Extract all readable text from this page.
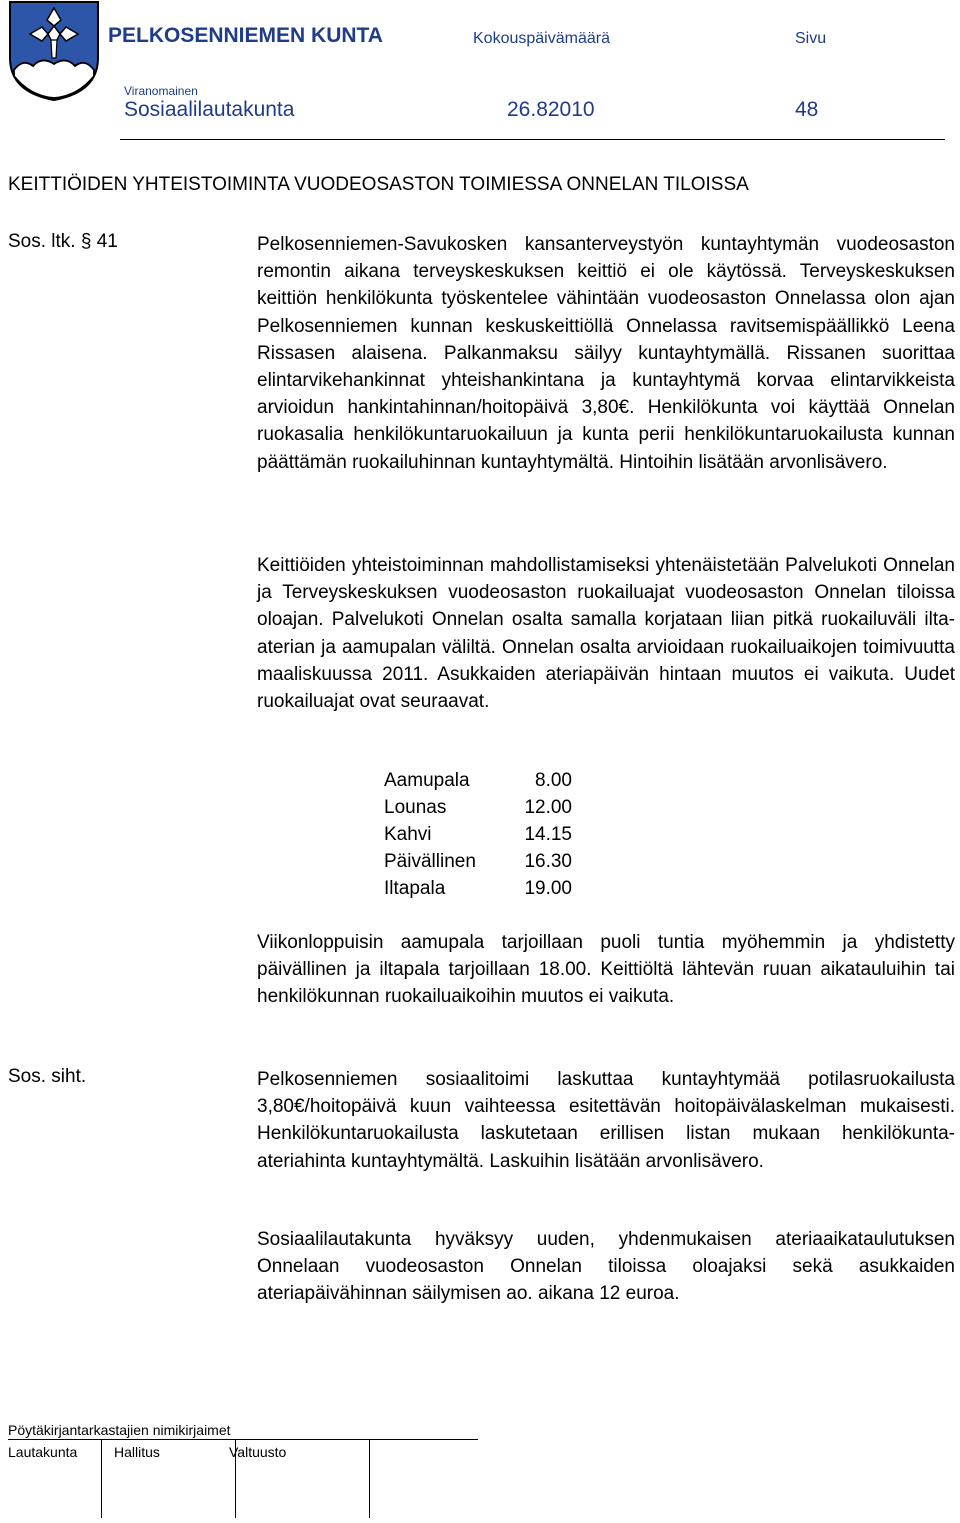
PELKOSENNIEMEN KUNTA	Kokouspäivämäärä	Sivu
Viranomainen
Sosiaalilautakunta	26.82010	48
KEITTIÖIDEN YHTEISTOIMINTA VUODEOSASTON TOIMIESSA ONNELAN TILOISSA
Sos. ltk. § 41	Pelkosenniemen-Savukosken kansanterveystyön kuntayhtymän vuodeosaston remontin aikana terveyskeskuksen keittiö ei ole käytössä. Terveyskeskuksen keittiön henkilökunta työskentelee vähintään vuodeosaston Onnelassa olon ajan Pelkosenniemen kunnan keskuskeittiöllä Onnelassa ravitsemispäällikkö Leena Rissasen alaisena. Palkanmaksu säilyy kuntayhtymällä. Rissanen suorittaa elintarvikehankinnat yhteishankintana ja kuntayhtymä korvaa elintarvikkeista arvioidun hankintahinnan/hoitopäivä 3,80€. Henkilökunta voi käyttää Onnelan ruokasalia henkilökuntaruokailuun ja kunta perii henkilökuntaruokailusta kunnan päättämän ruokailuhinnan kuntayhtymältä. Hintoihin lisätään arvonlisävero.
Keittiöiden yhteistoiminnan mahdollistamiseksi yhtenäistetään Palvelukoti Onnelan ja Terveyskeskuksen vuodeosaston ruokailuajat vuodeosaston Onnelan tiloissa oloajan. Palvelukoti Onnelan osalta samalla korjataan liian pitkä ruokailuväli ilta-aterian ja aamupalan väliltä. Onnelan osalta arvioidaan ruokailuaikojen toimivuutta maaliskuussa 2011. Asukkaiden ateriapäivän hintaan muutos ei vaikuta. Uudet ruokailuajat ovat seuraavat.
Aamupala	8.00
Lounas	12.00
Kahvi	14.15
Päivällinen	16.30
Iltapala	19.00
Viikonloppuisin aamupala tarjoillaan puoli tuntia myöhemmin ja yhdistetty päivällinen ja iltapala tarjoillaan 18.00. Keittiöltä lähtevän ruuan aikatauluihin tai henkilökunnan ruokailuaikoihin muutos ei vaikuta.
Sos. siht.	Pelkosenniemen sosiaalitoimi laskuttaa kuntayhtymää potilasruokailusta 3,80€/hoitopäivä kuun vaihteessa esitettävän hoitopäivälaskelman mukaisesti. Henkilökuntaruokailusta laskutetaan erillisen listan mukaan henkilökunta-ateriahinta kuntayhtymältä. Laskuihin lisätään arvonlisävero.
Sosiaalilautakunta hyväksyy uuden, yhdenmukaisen ateriaaikataulutuksen Onnelaan vuodeosaston Onnelan tiloissa oloajaksi sekä asukkaiden ateriapäivähinnan säilymisen ao. aikana 12 euroa.
Pöytäkirjantarkastajien nimikirjaimet
Lautakunta	Hallitus	Valtuusto
